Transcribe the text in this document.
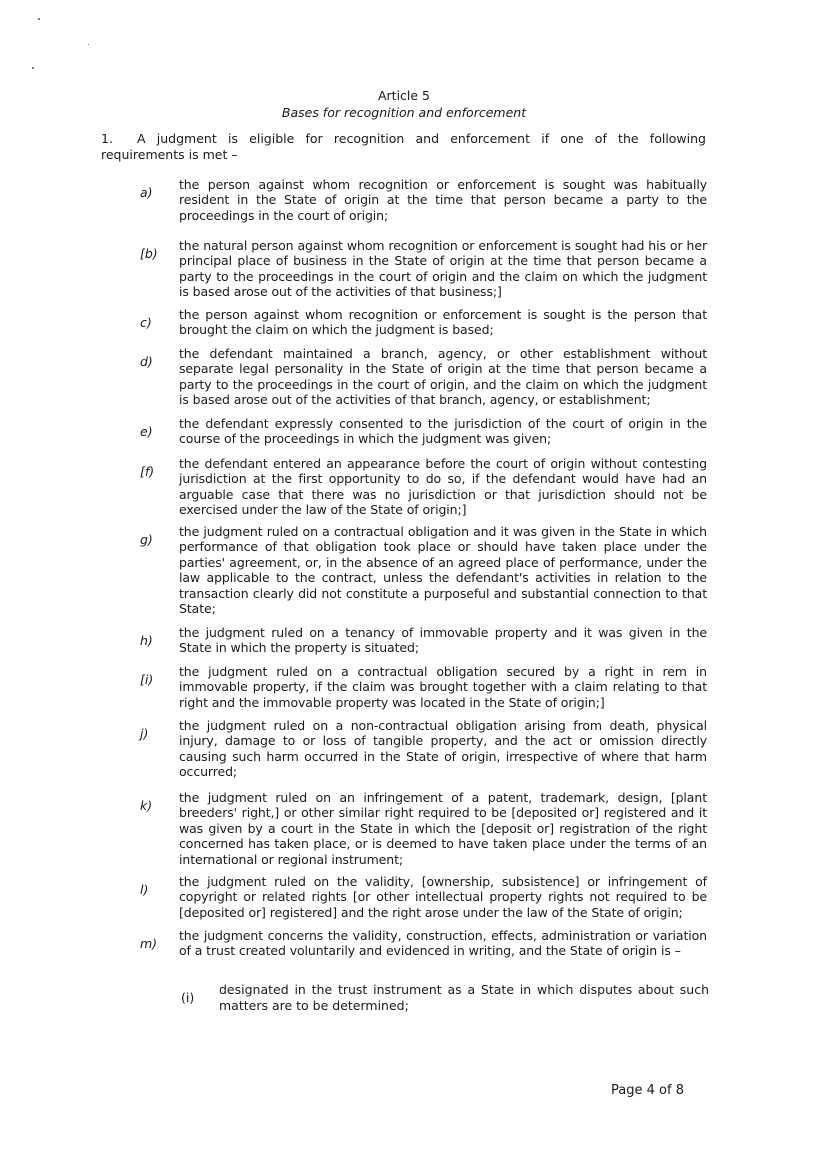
Article 5
Bases for recognition and enforcement
1. A judgment is eligible for recognition and enforcement if one of the following requirements is met –
a)
the person against whom recognition or enforcement is sought was habitually resident in the State of origin at the time that person became a party to the proceedings in the court of origin;
[b)
the natural person against whom recognition or enforcement is sought had his or her principal place of business in the State of origin at the time that person became a party to the proceedings in the court of origin and the claim on which the judgment is based arose out of the activities of that business;]
c)
the person against whom recognition or enforcement is sought is the person that brought the claim on which the judgment is based;
d)
the defendant maintained a branch, agency, or other establishment without separate legal personality in the State of origin at the time that person became a party to the proceedings in the court of origin, and the claim on which the judgment is based arose out of the activities of that branch, agency, or establishment;
e)
the defendant expressly consented to the jurisdiction of the court of origin in the course of the proceedings in which the judgment was given;
[f)
the defendant entered an appearance before the court of origin without contesting jurisdiction at the first opportunity to do so, if the defendant would have had an arguable case that there was no jurisdiction or that jurisdiction should not be exercised under the law of the State of origin;]
g)
the judgment ruled on a contractual obligation and it was given in the State in which performance of that obligation took place or should have taken place under the parties' agreement, or, in the absence of an agreed place of performance, under the law applicable to the contract, unless the defendant's activities in relation to the transaction clearly did not constitute a purposeful and substantial connection to that State;
h)
the judgment ruled on a tenancy of immovable property and it was given in the State in which the property is situated;
[i)
the judgment ruled on a contractual obligation secured by a right in rem in immovable property, if the claim was brought together with a claim relating to that right and the immovable property was located in the State of origin;]
j)
the judgment ruled on a non-contractual obligation arising from death, physical injury, damage to or loss of tangible property, and the act or omission directly causing such harm occurred in the State of origin, irrespective of where that harm occurred;
k)
the judgment ruled on an infringement of a patent, trademark, design, [plant breeders' right,] or other similar right required to be [deposited or] registered and it was given by a court in the State in which the [deposit or] registration of the right concerned has taken place, or is deemed to have taken place under the terms of an international or regional instrument;
l)
the judgment ruled on the validity, [ownership, subsistence] or infringement of copyright or related rights [or other intellectual property rights not required to be [deposited or] registered] and the right arose under the law of the State of origin;
m)
the judgment concerns the validity, construction, effects, administration or variation of a trust created voluntarily and evidenced in writing, and the State of origin is –
(i)
designated in the trust instrument as a State in which disputes about such matters are to be determined;
Page 4 of 8
